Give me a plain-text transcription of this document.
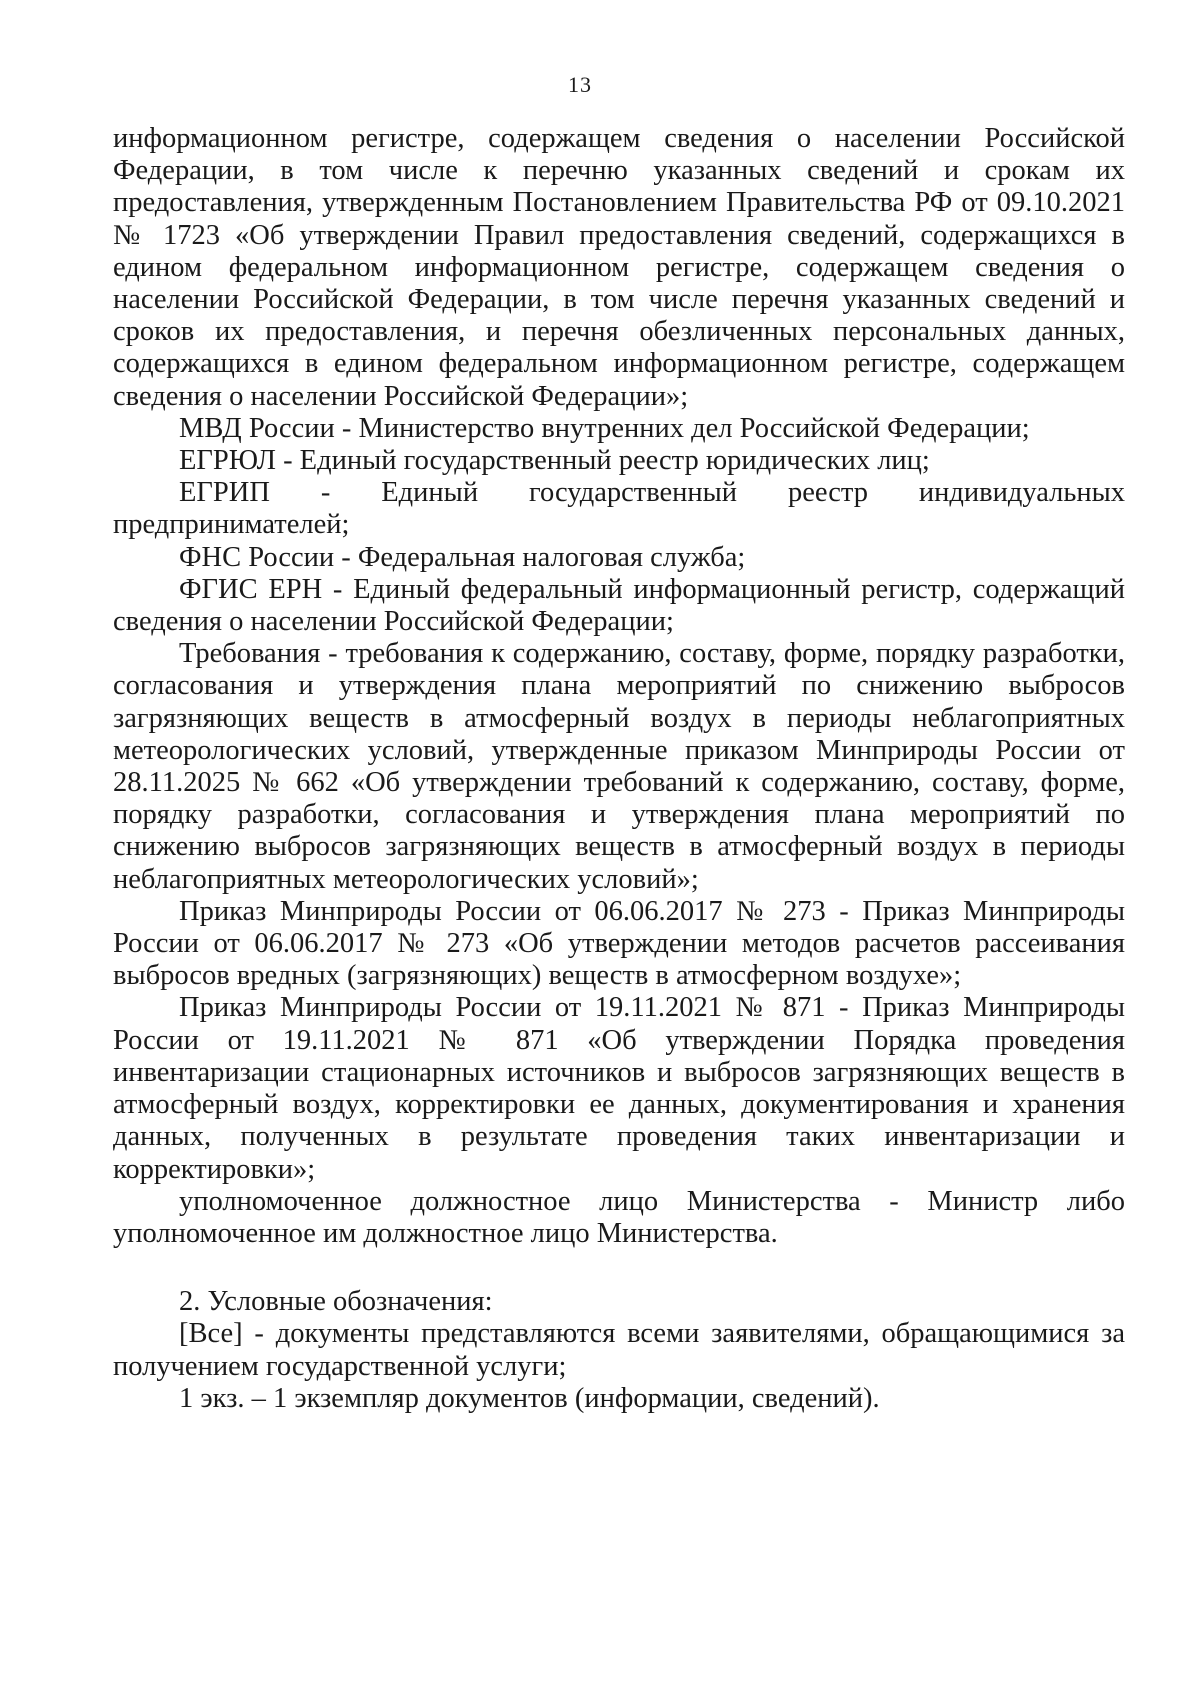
13

информационном регистре, содержащем сведения о населении Российской Федерации, в том числе к перечню указанных сведений и срокам их предоставления, утвержденным Постановлением Правительства РФ от 09.10.2021 № 1723 «Об утверждении Правил предоставления сведений, содержащихся в едином федеральном информационном регистре, содержащем сведения о населении Российской Федерации, в том числе перечня указанных сведений и сроков их предоставления, и перечня обезличенных персональных данных, содержащихся в едином федеральном информационном регистре, содержащем сведения о населении Российской Федерации»;

МВД России - Министерство внутренних дел Российской Федерации;

ЕГРЮЛ - Единый государственный реестр юридических лиц;

ЕГРИП - Единый государственный реестр индивидуальных предпринимателей;

ФНС России - Федеральная налоговая служба;

ФГИС ЕРН - Единый федеральный информационный регистр, содержащий сведения о населении Российской Федерации;

Требования - требования к содержанию, составу, форме, порядку разработки, согласования и утверждения плана мероприятий по снижению выбросов загрязняющих веществ в атмосферный воздух в периоды неблагоприятных метеорологических условий, утвержденные приказом Минприроды России от 28.11.2025 № 662 «Об утверждении требований к содержанию, составу, форме, порядку разработки, согласования и утверждения плана мероприятий по снижению выбросов загрязняющих веществ в атмосферный воздух в периоды неблагоприятных метеорологических условий»;

Приказ Минприроды России от 06.06.2017 № 273 - Приказ Минприроды России от 06.06.2017 № 273 «Об утверждении методов расчетов рассеивания выбросов вредных (загрязняющих) веществ в атмосферном воздухе»;

Приказ Минприроды России от 19.11.2021 № 871 - Приказ Минприроды России от 19.11.2021 № 871 «Об утверждении Порядка проведения инвентаризации стационарных источников и выбросов загрязняющих веществ в атмосферный воздух, корректировки ее данных, документирования и хранения данных, полученных в результате проведения таких инвентаризации и корректировки»;

уполномоченное должностное лицо Министерства - Министр либо уполномоченное им должностное лицо Министерства.

2. Условные обозначения:

[Все] - документы представляются всеми заявителями, обращающимися за получением государственной услуги;

1 экз. – 1 экземпляр документов (информации, сведений).
